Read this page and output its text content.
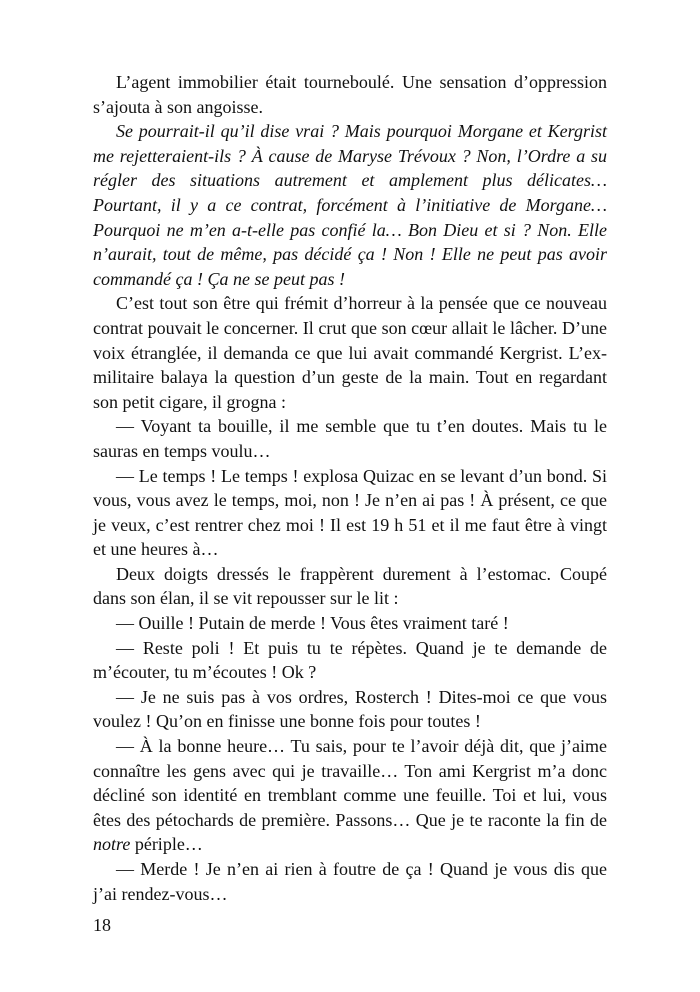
L’agent immobilier était tourneboulé. Une sensation d’oppression s’ajouta à son angoisse.

Se pourrait-il qu’il dise vrai ? Mais pourquoi Morgane et Kergrist me rejetteraient-ils ? À cause de Maryse Trévoux ? Non, l’Ordre a su régler des situations autrement et amplement plus délicates… Pourtant, il y a ce contrat, forcément à l’initiative de Morgane… Pourquoi ne m’en a-t-elle pas confié la… Bon Dieu et si ? Non. Elle n’aurait, tout de même, pas décidé ça ! Non ! Elle ne peut pas avoir commandé ça ! Ça ne se peut pas !

C’est tout son être qui frémit d’horreur à la pensée que ce nouveau contrat pouvait le concerner. Il crut que son cœur allait le lâcher. D’une voix étranglée, il demanda ce que lui avait commandé Kergrist. L’ex-militaire balaya la question d’un geste de la main. Tout en regardant son petit cigare, il grogna :

— Voyant ta bouille, il me semble que tu t’en doutes. Mais tu le sauras en temps voulu…

— Le temps ! Le temps ! explosa Quizac en se levant d’un bond. Si vous, vous avez le temps, moi, non ! Je n’en ai pas ! À présent, ce que je veux, c’est rentrer chez moi ! Il est 19 h 51 et il me faut être à vingt et une heures à…

Deux doigts dressés le frappèrent durement à l’estomac. Coupé dans son élan, il se vit repousser sur le lit :

— Ouille ! Putain de merde ! Vous êtes vraiment taré !

— Reste poli ! Et puis tu te répètes. Quand je te demande de m’écouter, tu m’écoutes ! Ok ?

— Je ne suis pas à vos ordres, Rosterch ! Dites-moi ce que vous voulez ! Qu’on en finisse une bonne fois pour toutes !

— À la bonne heure… Tu sais, pour te l’avoir déjà dit, que j’aime connaître les gens avec qui je travaille… Ton ami Kergrist m’a donc décliné son identité en tremblant comme une feuille. Toi et lui, vous êtes des pétochards de première. Passons… Que je te raconte la fin de notre périple…

— Merde ! Je n’en ai rien à foutre de ça ! Quand je vous dis que j’ai rendez-vous…

18
